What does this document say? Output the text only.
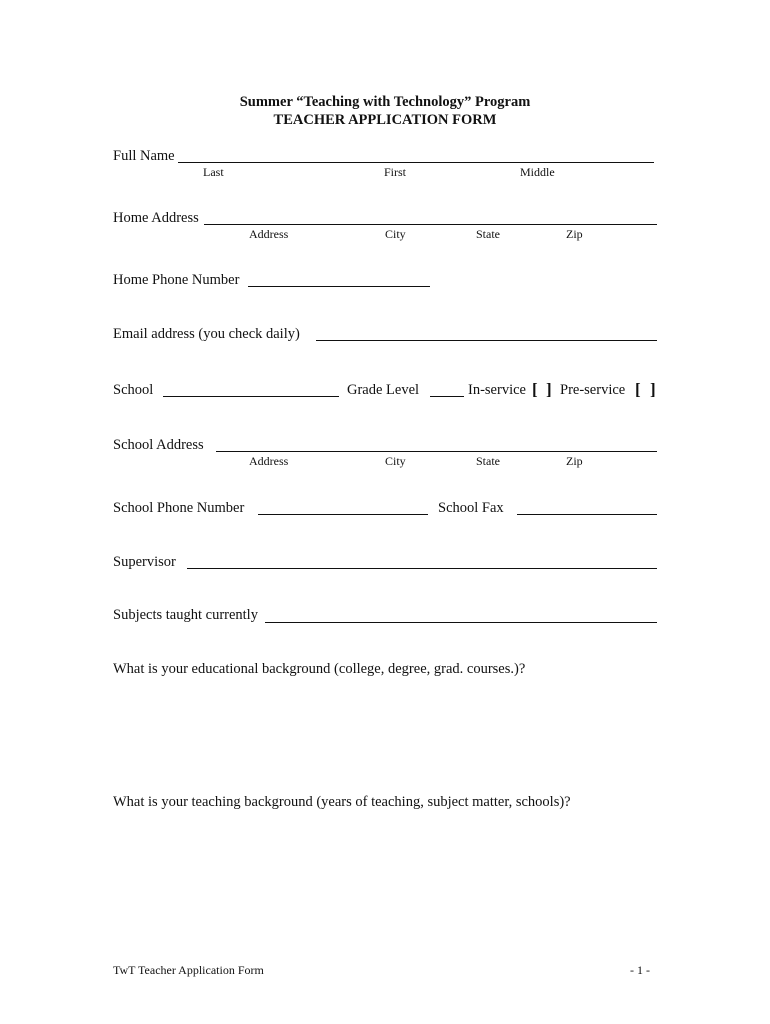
Summer “Teaching with Technology” Program
TEACHER APPLICATION FORM
Full Name
Last	First	Middle
Home Address
Address	City	State	Zip
Home Phone Number
Email address (you check daily)
School	Grade Level	In-service [ ] Pre-service [ ]
School Address
Address	City	State	Zip
School Phone Number	School Fax
Supervisor
Subjects taught currently
What is your educational background (college, degree, grad. courses.)?
What is your teaching background (years of teaching, subject matter, schools)?
TwT Teacher Application Form	- 1 -
